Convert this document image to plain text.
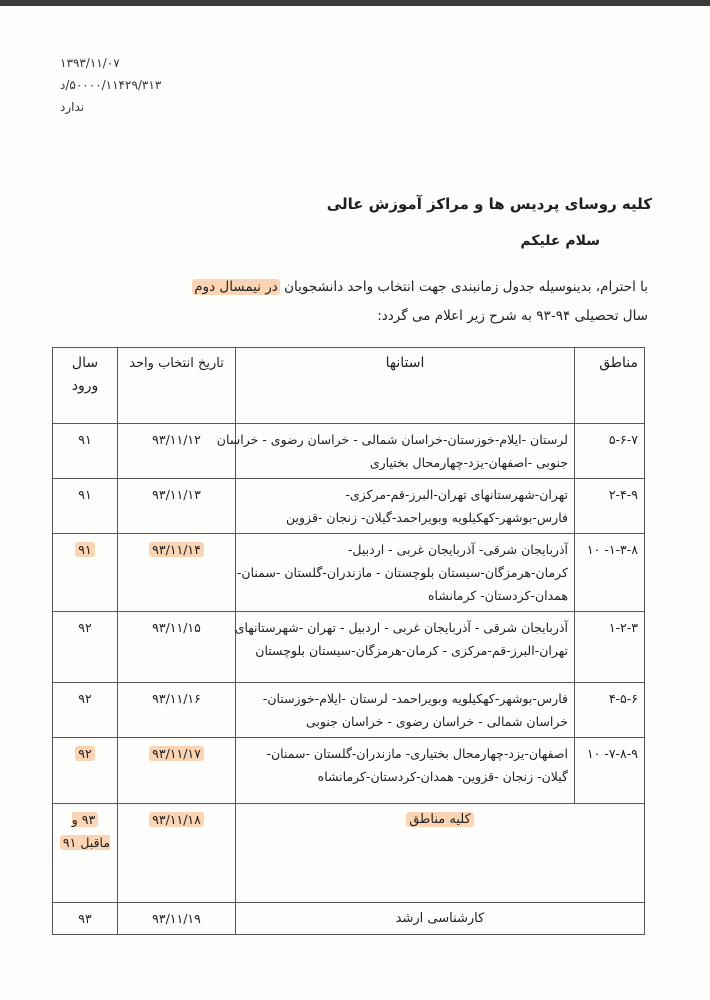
۱۳۹۳/۱۱/۰۷
۵۰۰۰۰/۱۱۴۲۹/۳۱۳/د
ندارد
کلیه روسای پردیس ها و مراکز آموزش عالی
سلام علیکم
با احترام، بدینوسیله جدول زمانبندی جهت انتخاب واحد دانشجویان در نیمسال دوم
سال تحصیلی ۹۴-۹۳ به شرح زیر اعلام می گردد:
مناطق	استانها	تاریخ انتخاب واحد	سال ورود
۵-۶-۷	لرستان -ایلام-خوزستان-خراسان شمالی - خراسان رضوی - خراسان
جنوبی -اصفهان-یزد-چهارمحال بختیاری	۹۳/۱۱/۱۲	۹۱
۲-۴-۹	تهران-شهرستانهای تهران-البرز-قم-مرکزی-
فارس-بوشهر-کهکیلویه وبویراحمد-گیلان- زنجان -قزوین	۹۳/۱۱/۱۳	۹۱
۱-۳-۸- ۱۰	آذربایجان شرقی- آذربایجان غربی - اردبیل-
کرمان-هرمزگان-سیستان بلوچستان - مازندران-گلستان -سمنان-
همدان-کردستان- کرمانشاه	۹۳/۱۱/۱۴	۹۱
۱-۲-۳	آذربایجان شرقی - آذربایجان غربی - اردبیل - تهران -شهرستانهای
تهران-البرز-قم-مرکزی - کرمان-هرمزگان-سیستان بلوچستان	۹۳/۱۱/۱۵	۹۲
۴-۵-۶	فارس-بوشهر-کهکیلویه وبویراحمد- لرستان -ایلام-خوزستان-
خراسان شمالی - خراسان رضوی - خراسان جنوبی	۹۳/۱۱/۱۶	۹۲
۷-۸-۹- ۱۰	اصفهان-یزد-چهارمحال بختیاری- مازندران-گلستان -سمنان-
گیلان- زنجان -قزوین- همدان-کردستان-کرمانشاه	۹۳/۱۱/۱۷	۹۲
کلیه مناطق		۹۳/۱۱/۱۸	۹۳ و ماقبل ۹۱
کارشناسی ارشد		۹۳/۱۱/۱۹	۹۳
